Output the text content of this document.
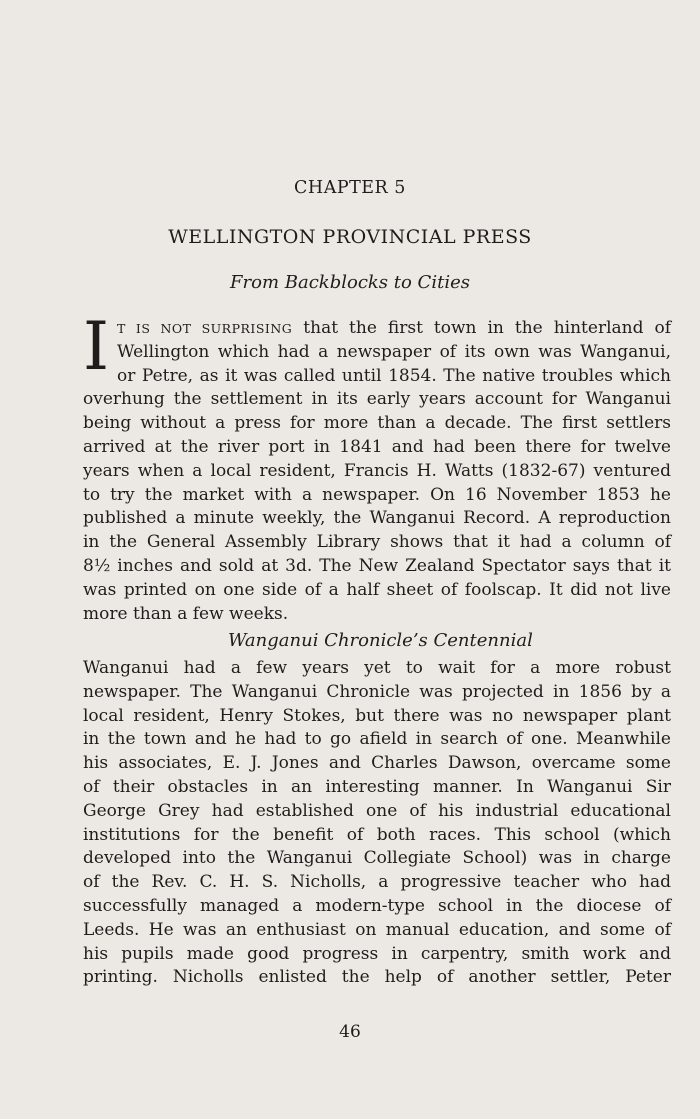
CHAPTER 5
WELLINGTON PROVINCIAL PRESS
From Backblocks to Cities
I T IS NOT SURPRISING that the first town in the hinterland of
Wellington which had a newspaper of its own was Wanganui,
or Petre, as it was called until 1854. The native troubles which
overhung the settlement in its early years account for Wanganui
being without a press for more than a decade. The first settlers
arrived at the river port in 1841 and had been there for twelve
years when a local resident, Francis H. Watts (1832-67) ventured
to try the market with a newspaper. On 16 November 1853 he
published a minute weekly, the Wanganui Record. A reproduction
in the General Assembly Library shows that it had a column of
8½ inches and sold at 3d. The New Zealand Spectator says that it
was printed on one side of a half sheet of foolscap. It did not live
more than a few weeks.
Wanganui Chronicle’s Centennial
Wanganui had a few years yet to wait for a more robust
newspaper. The Wanganui Chronicle was projected in 1856 by a
local resident, Henry Stokes, but there was no newspaper plant
in the town and he had to go afield in search of one. Meanwhile
his associates, E. J. Jones and Charles Dawson, overcame some
of their obstacles in an interesting manner. In Wanganui Sir
George Grey had established one of his industrial educational
institutions for the benefit of both races. This school (which
developed into the Wanganui Collegiate School) was in charge
of the Rev. C. H. S. Nicholls, a progressive teacher who had
successfully managed a modern-type school in the diocese of
Leeds. He was an enthusiast on manual education, and some of
his pupils made good progress in carpentry, smith work and
printing. Nicholls enlisted the help of another settler, Peter
46
